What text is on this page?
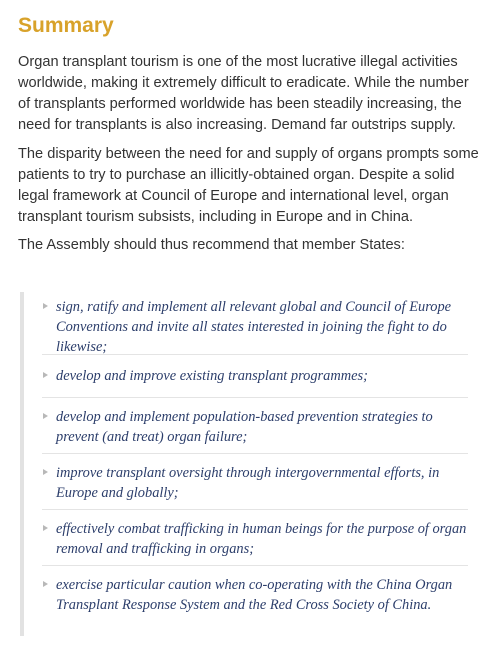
Summary

Organ transplant tourism is one of the most lucrative illegal activities worldwide, making it extremely difficult to eradicate. While the number of transplants performed worldwide has been steadily increasing, the need for transplants is also increasing. Demand far outstrips supply.

The disparity between the need for and supply of organs prompts some patients to try to purchase an illicitly-obtained organ. Despite a solid legal framework at Council of Europe and international level, organ transplant tourism subsists, including in Europe and in China.

The Assembly should thus recommend that member States:

sign, ratify and implement all relevant global and Council of Europe Conventions and invite all states interested in joining the fight to do likewise;
develop and improve existing transplant programmes;
develop and implement population-based prevention strategies to prevent (and treat) organ failure;
improve transplant oversight through intergovernmental efforts, in Europe and globally;
effectively combat trafficking in human beings for the purpose of organ removal and trafficking in organs;
exercise particular caution when co-operating with the China Organ Transplant Response System and the Red Cross Society of China.
